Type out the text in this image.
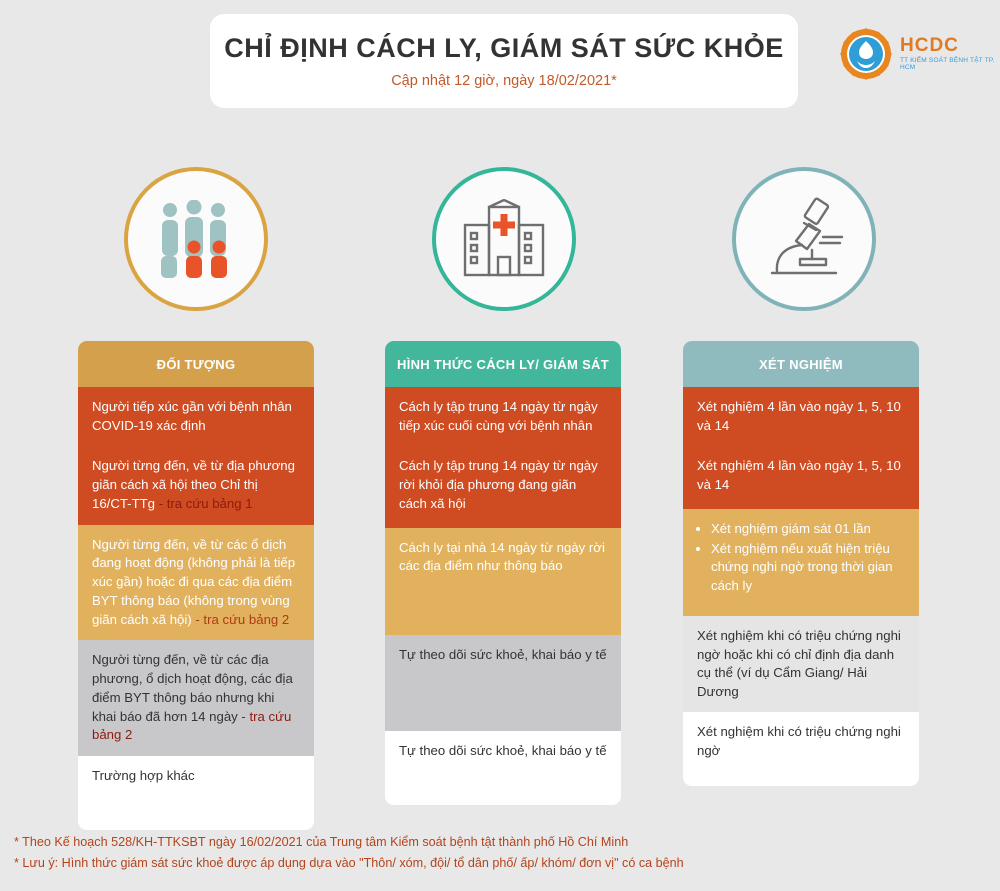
CHỈ ĐỊNH CÁCH LY, GIÁM SÁT SỨC KHỎE
Cập nhật 12 giờ, ngày 18/02/2021*
HCDC
TT KIỂM SOÁT BỆNH TẬT TP. HCM
ĐỐI TƯỢNG
Người tiếp xúc gần với bệnh nhân COVID-19 xác định
Người từng đến, về từ địa phương giãn cách xã hội theo Chỉ thị 16/CT-TTg - tra cứu bảng 1
Người từng đến, về từ các ổ dịch đang hoạt động (không phải là tiếp xúc gần) hoặc đi qua các địa điểm BYT thông báo (không trong vùng giãn cách xã hội) - tra cứu bảng 2
Người từng đến, về từ các địa phương, ổ dịch hoạt động, các địa điểm BYT thông báo nhưng khi khai báo đã hơn 14 ngày - tra cứu bảng 2
Trường hợp khác
HÌNH THỨC CÁCH LY/ GIÁM SÁT
Cách ly tập trung 14 ngày từ ngày tiếp xúc cuối cùng với bệnh nhân
Cách ly tập trung 14 ngày từ ngày rời khỏi địa phương đang giãn cách xã hội
Cách ly tại nhà 14 ngày từ ngày rời các địa điểm như thông báo
Tự theo dõi sức khoẻ, khai báo y tế
Tự theo dõi sức khoẻ, khai báo y tế
XÉT NGHIỆM
Xét nghiệm 4 lần vào ngày 1, 5, 10 và 14
Xét nghiệm 4 lần vào ngày 1, 5, 10 và 14
• Xét nghiệm giám sát 01 lần
• Xét nghiệm nếu xuất hiện triệu chứng nghi ngờ trong thời gian cách ly
Xét nghiệm khi có triệu chứng nghi ngờ hoặc khi có chỉ định địa danh cụ thể (ví dụ Cẩm Giang/ Hải Dương
Xét nghiệm khi có triệu chứng nghi ngờ
* Theo Kế hoạch 528/KH-TTKSBT ngày 16/02/2021 của Trung tâm Kiểm soát bệnh tật thành phố Hồ Chí Minh
* Lưu ý: Hình thức giám sát sức khoẻ được áp dụng dựa vào "Thôn/ xóm, đội/ tổ dân phố/ ấp/ khóm/ đơn vị" có ca bệnh
